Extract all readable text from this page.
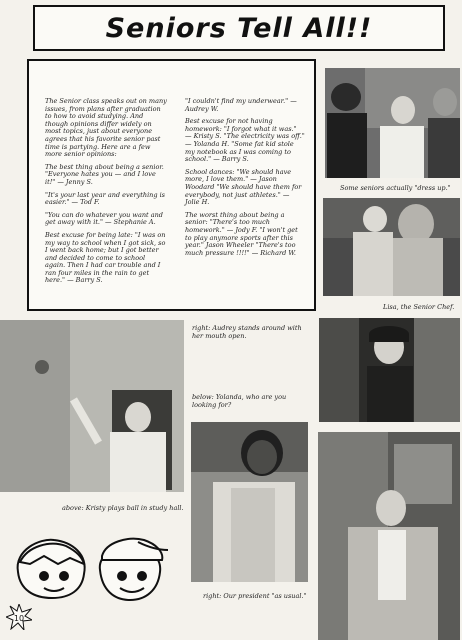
Seniors Tell All!!

The Senior class speaks out on many issues, from plans after graduation to how to avoid studying. And though opinions differ widely on most topics, just about everyone agrees that his favorite senior past time is partying. Here are a few more senior opinions:

The best thing about being a senior. "Everyone hates you — and I love it!" — Jenny S.

"It's your last year and everything is easier." — Tod F.

"You can do whatever you want and get away with it." — Stephanie A.

Best excuse for being late: "I was on my way to school when I got sick, so I went back home; but I got better and decided to come to school again. Then I had car trouble and I ran four miles in the rain to get here." — Barry S.

"I couldn't find my underwear." — Audrey W.

Best excuse for not having homework: "I forgot what it was." — Kristy S. "The electricity was off." — Yolanda H. "Some fat kid stole my notebook as I was coming to school." — Barry S.

School dances: "We should have more, I love them." — Jason Woodard "We should have them for everybody, not just athletes." — Jolie H.

The worst thing about being a senior: "There's too much homework." — Jody F. "I won't get to play anymore sports after this year." Jason Wheeler "There's too much pressure !!!!" — Richard W.

Some seniors actually "dress up."
Lisa, the Senior Chef.
above: Kristy plays ball in study hall.
right: Audrey stands around with her mouth open.
below: Yolanda, who are you looking for?
right: Our president "as usual."
10
